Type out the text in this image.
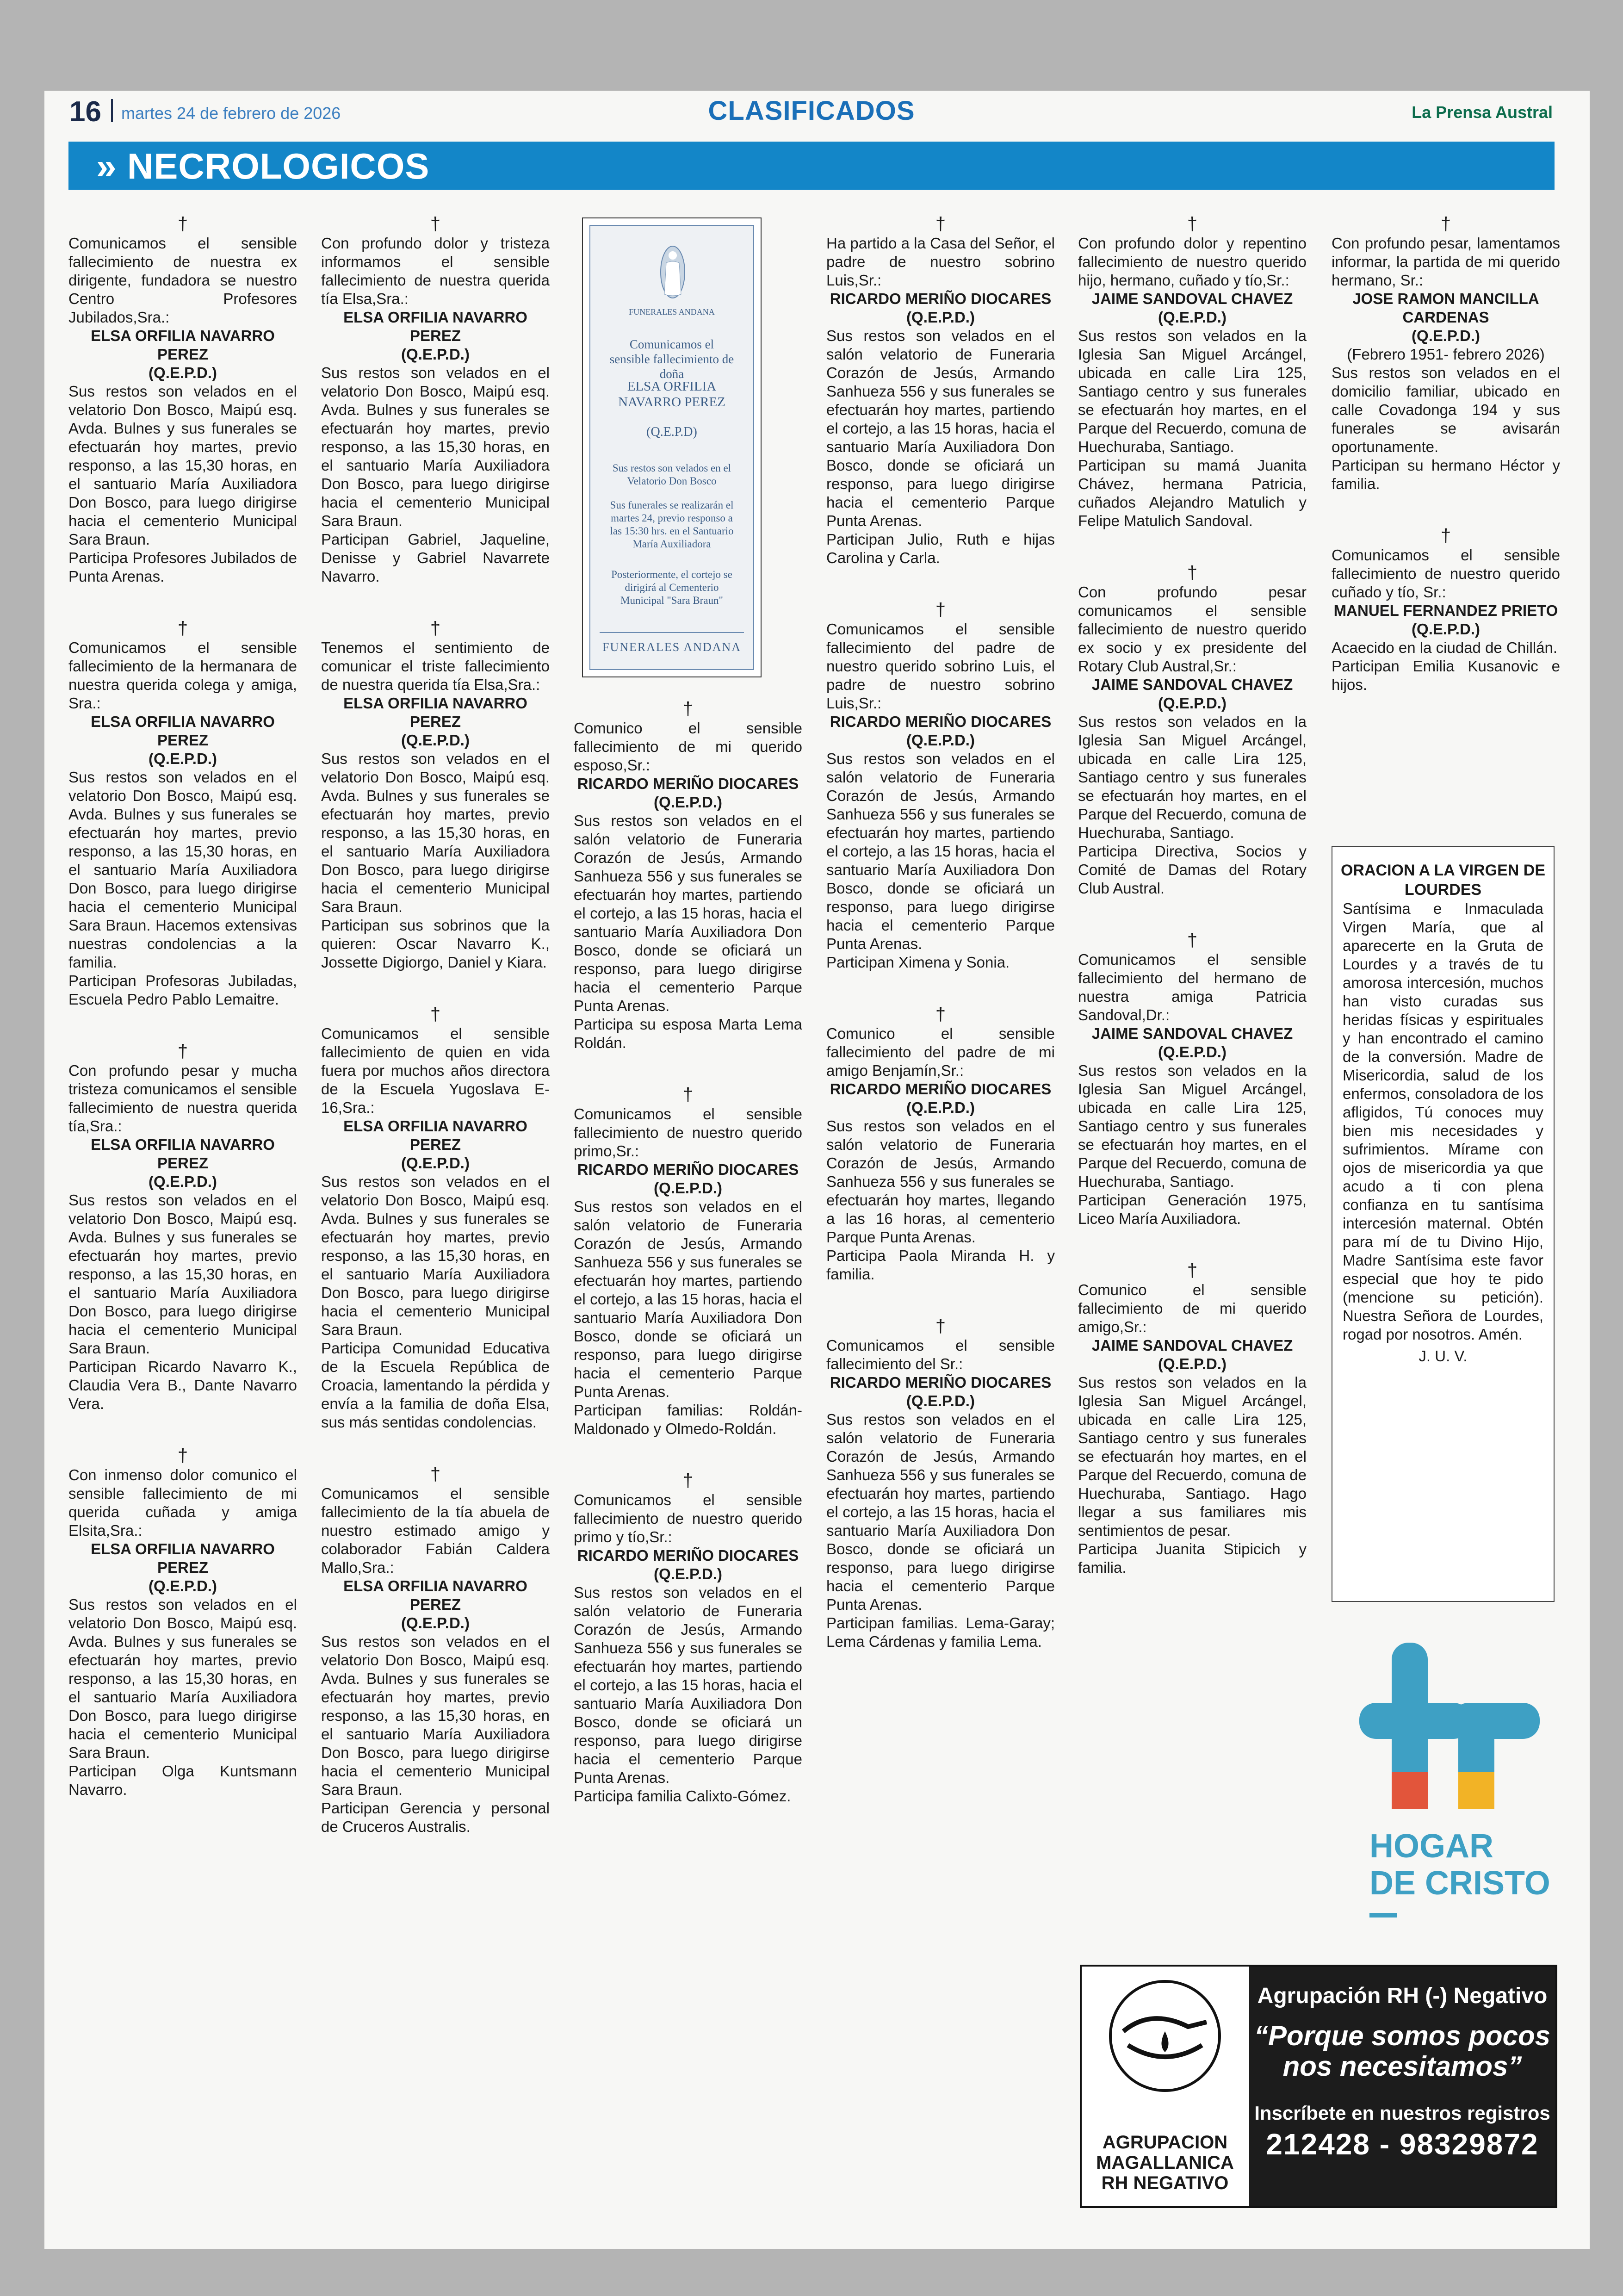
16 martes 24 de febrero de 2026	CLASIFICADOS	La Prensa Austral
» NECROLOGICOS
†
Comunicamos el sensible fallecimiento de nuestra ex dirigente, fundadora se nuestro Centro Profesores Jubilados,Sra.:
ELSA ORFILIA NAVARRO PEREZ
(Q.E.P.D.)
Sus restos son velados en el velatorio Don Bosco, Maipú esq. Avda. Bulnes y sus funerales se efectuarán hoy martes, previo responso, a las 15,30 horas, en el santuario María Auxiliadora Don Bosco, para luego dirigirse hacia el cementerio Municipal Sara Braun.
Participa Profesores Jubilados de Punta Arenas.
†
Comunicamos el sensible fallecimiento de la hermanara de nuestra querida colega y amiga, Sra.:
ELSA ORFILIA NAVARRO PEREZ
(Q.E.P.D.)
Sus restos son velados en el velatorio Don Bosco, Maipú esq. Avda. Bulnes y sus funerales se efectuarán hoy martes, previo responso, a las 15,30 horas, en el santuario María Auxiliadora Don Bosco, para luego dirigirse hacia el cementerio Municipal Sara Braun. Hacemos extensivas nuestras condolencias a la familia.
Participan Profesoras Jubiladas, Escuela Pedro Pablo Lemaitre.
†
Con profundo pesar y mucha tristeza comunicamos el sensible fallecimiento de nuestra querida tía,Sra.:
ELSA ORFILIA NAVARRO PEREZ
(Q.E.P.D.)
Sus restos son velados en el velatorio Don Bosco, Maipú esq. Avda. Bulnes y sus funerales se efectuarán hoy martes, previo responso, a las 15,30 horas, en el santuario María Auxiliadora Don Bosco, para luego dirigirse hacia el cementerio Municipal Sara Braun.
Participan Ricardo Navarro K., Claudia Vera B., Dante Navarro Vera.
†
Con inmenso dolor comunico el sensible fallecimiento de mi querida cuñada y amiga Elsita,Sra.:
ELSA ORFILIA NAVARRO PEREZ
(Q.E.P.D.)
Sus restos son velados en el velatorio Don Bosco, Maipú esq. Avda. Bulnes y sus funerales se efectuarán hoy martes, previo responso, a las 15,30 horas, en el santuario María Auxiliadora Don Bosco, para luego dirigirse hacia el cementerio Municipal Sara Braun.
Participan Olga Kuntsmann Navarro.
†
Con profundo dolor y tristeza informamos el sensible fallecimiento de nuestra querida tía Elsa,Sra.:
ELSA ORFILIA NAVARRO PEREZ
(Q.E.P.D.)
Sus restos son velados en el velatorio Don Bosco, Maipú esq. Avda. Bulnes y sus funerales se efectuarán hoy martes, previo responso, a las 15,30 horas, en el santuario María Auxiliadora Don Bosco, para luego dirigirse hacia el cementerio Municipal Sara Braun.
Participan Gabriel, Jaqueline, Denisse y Gabriel Navarrete Navarro.
†
Tenemos el sentimiento de comunicar el triste fallecimiento de nuestra querida tía Elsa,Sra.:
ELSA ORFILIA NAVARRO PEREZ
(Q.E.P.D.)
Sus restos son velados en el velatorio Don Bosco, Maipú esq. Avda. Bulnes y sus funerales se efectuarán hoy martes, previo responso, a las 15,30 horas, en el santuario María Auxiliadora Don Bosco, para luego dirigirse hacia el cementerio Municipal Sara Braun.
Participan sus sobrinos que la quieren: Oscar Navarro K., Jossette Digiorgo, Daniel y Kiara.
†
Comunicamos el sensible fallecimiento de quien en vida fuera por muchos años directora de la Escuela Yugoslava E-16,Sra.:
ELSA ORFILIA NAVARRO PEREZ
(Q.E.P.D.)
Sus restos son velados en el velatorio Don Bosco, Maipú esq. Avda. Bulnes y sus funerales se efectuarán hoy martes, previo responso, a las 15,30 horas, en el santuario María Auxiliadora Don Bosco, para luego dirigirse hacia el cementerio Municipal Sara Braun.
Participa Comunidad Educativa de la Escuela República de Croacia, lamentando la pérdida y envía a la familia de doña Elsa, sus más sentidas condolencias.
†
Comunicamos el sensible fallecimiento de la tía abuela de nuestro estimado amigo y colaborador Fabián Caldera Mallo,Sra.:
ELSA ORFILIA NAVARRO PEREZ
(Q.E.P.D.)
Sus restos son velados en el velatorio Don Bosco, Maipú esq. Avda. Bulnes y sus funerales se efectuarán hoy martes, previo responso, a las 15,30 horas, en el santuario María Auxiliadora Don Bosco, para luego dirigirse hacia el cementerio Municipal Sara Braun.
Participan Gerencia y personal de Cruceros Australis.
†
Comunico el sensible fallecimiento de mi querido esposo,Sr.:
RICARDO MERIÑO DIOCARES
(Q.E.P.D.)
Sus restos son velados en el salón velatorio de Funeraria Corazón de Jesús, Armando Sanhueza 556 y sus funerales se efectuarán hoy martes, partiendo el cortejo, a las 15 horas, hacia el santuario María Auxiliadora Don Bosco, donde se oficiará un responso, para luego dirigirse hacia el cementerio Parque Punta Arenas.
Participa su esposa Marta Lema Roldán.
†
Comunicamos el sensible fallecimiento de nuestro querido primo,Sr.:
RICARDO MERIÑO DIOCARES
(Q.E.P.D.)
Sus restos son velados en el salón velatorio de Funeraria Corazón de Jesús, Armando Sanhueza 556 y sus funerales se efectuarán hoy martes, partiendo el cortejo, a las 15 horas, hacia el santuario María Auxiliadora Don Bosco, donde se oficiará un responso, para luego dirigirse hacia el cementerio Parque Punta Arenas.
Participan familias: Roldán-Maldonado y Olmedo-Roldán.
†
Comunicamos el sensible fallecimiento de nuestro querido primo y tío,Sr.:
RICARDO MERIÑO DIOCARES
(Q.E.P.D.)
Sus restos son velados en el salón velatorio de Funeraria Corazón de Jesús, Armando Sanhueza 556 y sus funerales se efectuarán hoy martes, partiendo el cortejo, a las 15 horas, hacia el santuario María Auxiliadora Don Bosco, donde se oficiará un responso, para luego dirigirse hacia el cementerio Parque Punta Arenas.
Participa familia Calixto-Gómez.
†
Ha partido a la Casa del Señor, el padre de nuestro sobrino Luis,Sr.:
RICARDO MERIÑO DIOCARES
(Q.E.P.D.)
Sus restos son velados en el salón velatorio de Funeraria Corazón de Jesús, Armando Sanhueza 556 y sus funerales se efectuarán hoy martes, partiendo el cortejo, a las 15 horas, hacia el santuario María Auxiliadora Don Bosco, donde se oficiará un responso, para luego dirigirse hacia el cementerio Parque Punta Arenas.
Participan Julio, Ruth e hijas Carolina y Carla.
†
Comunicamos el sensible fallecimiento del padre de nuestro querido sobrino Luis, el padre de nuestro sobrino Luis,Sr.:
RICARDO MERIÑO DIOCARES
(Q.E.P.D.)
Sus restos son velados en el salón velatorio de Funeraria Corazón de Jesús, Armando Sanhueza 556 y sus funerales se efectuarán hoy martes, partiendo el cortejo, a las 15 horas, hacia el santuario María Auxiliadora Don Bosco, donde se oficiará un responso, para luego dirigirse hacia el cementerio Parque Punta Arenas.
Participan Ximena y Sonia.
†
Comunico el sensible fallecimiento del padre de mi amigo Benjamín,Sr.:
RICARDO MERIÑO DIOCARES
(Q.E.P.D.)
Sus restos son velados en el salón velatorio de Funeraria Corazón de Jesús, Armando Sanhueza 556 y sus funerales se efectuarán hoy martes, llegando a las 16 horas, al cementerio Parque Punta Arenas.
Participa Paola Miranda H. y familia.
†
Comunicamos el sensible fallecimiento del Sr.:
RICARDO MERIÑO DIOCARES
(Q.E.P.D.)
Sus restos son velados en el salón velatorio de Funeraria Corazón de Jesús, Armando Sanhueza 556 y sus funerales se efectuarán hoy martes, partiendo el cortejo, a las 15 horas, hacia el santuario María Auxiliadora Don Bosco, donde se oficiará un responso, para luego dirigirse hacia el cementerio Parque Punta Arenas.
Participan familias. Lema-Garay; Lema Cárdenas y familia Lema.
†
Con profundo dolor y repentino fallecimiento de nuestro querido hijo, hermano, cuñado y tío,Sr.:
JAIME SANDOVAL CHAVEZ
(Q.E.P.D.)
Sus restos son velados en la Iglesia San Miguel Arcángel, ubicada en calle Lira 125, Santiago centro y sus funerales se efectuarán hoy martes, en el Parque del Recuerdo, comuna de Huechuraba, Santiago.
Participan su mamá Juanita Chávez, hermana Patricia, cuñados Alejandro Matulich y Felipe Matulich Sandoval.
†
Con profundo pesar comunicamos el sensible fallecimiento de nuestro querido ex socio y ex presidente del Rotary Club Austral,Sr.:
JAIME SANDOVAL CHAVEZ
(Q.E.P.D.)
Sus restos son velados en la Iglesia San Miguel Arcángel, ubicada en calle Lira 125, Santiago centro y sus funerales se efectuarán hoy martes, en el Parque del Recuerdo, comuna de Huechuraba, Santiago.
Participa Directiva, Socios y Comité de Damas del Rotary Club Austral.
†
Comunicamos el sensible fallecimiento del hermano de nuestra amiga Patricia Sandoval,Dr.:
JAIME SANDOVAL CHAVEZ
(Q.E.P.D.)
Sus restos son velados en la Iglesia San Miguel Arcángel, ubicada en calle Lira 125, Santiago centro y sus funerales se efectuarán hoy martes, en el Parque del Recuerdo, comuna de Huechuraba, Santiago.
Participan Generación 1975, Liceo María Auxiliadora.
†
Comunico el sensible fallecimiento de mi querido amigo,Sr.:
JAIME SANDOVAL CHAVEZ
(Q.E.P.D.)
Sus restos son velados en la Iglesia San Miguel Arcángel, ubicada en calle Lira 125, Santiago centro y sus funerales se efectuarán hoy martes, en el Parque del Recuerdo, comuna de Huechuraba, Santiago. Hago llegar a sus familiares mis sentimientos de pesar.
Participa Juanita Stipicich y familia.
†
Con profundo pesar, lamentamos informar, la partida de mi querido hermano, Sr.:
JOSE RAMON MANCILLA CARDENAS
(Q.E.P.D.)
(Febrero 1951- febrero 2026)
Sus restos son velados en el domicilio familiar, ubicado en calle Covadonga 194 y sus funerales se avisarán oportunamente.
Participan su hermano Héctor y familia.
†
Comunicamos el sensible fallecimiento de nuestro querido cuñado y tío, Sr.:
MANUEL FERNANDEZ PRIETO
(Q.E.P.D.)
Acaecido en la ciudad de Chillán.
Participan Emilia Kusanovic e hijos.
FUNERALES ANDANA
Comunicamos el sensible fallecimiento de doña
ELSA ORFILIA NAVARRO PEREZ
(Q.E.P.D)
Sus restos son velados en el Velatorio Don Bosco
Sus funerales se realizarán el martes 24, previo responso a las 15:30 hrs. en el Santuario María Auxiliadora
Posteriormente, el cortejo se dirigirá al Cementerio Municipal "Sara Braun"
FUNERALES ANDANA
ORACION A LA VIRGEN DE LOURDES
Santísima e Inmaculada Virgen María, que al aparecerte en la Gruta de Lourdes y a través de tu amorosa intercesión, muchos han visto curadas sus heridas físicas y espirituales y han encontrado el camino de la conversión. Madre de Misericordia, salud de los enfermos, consoladora de los afligidos, Tú conoces muy bien mis necesidades y sufrimientos. Mírame con ojos de misericordia ya que acudo a ti con plena confianza en tu santísima intercesión maternal. Obtén para mí de tu Divino Hijo, Madre Santísima este favor especial que hoy te pido (mencione su petición). Nuestra Señora de Lourdes, rogad por nosotros. Amén.
J. U. V.
HOGAR
DE CRISTO
AGRUPACION MAGALLANICA RH NEGATIVO
Agrupación RH (-) Negativo
“Porque somos pocos nos necesitamos”
Inscríbete en nuestros registros
212428 - 98329872
